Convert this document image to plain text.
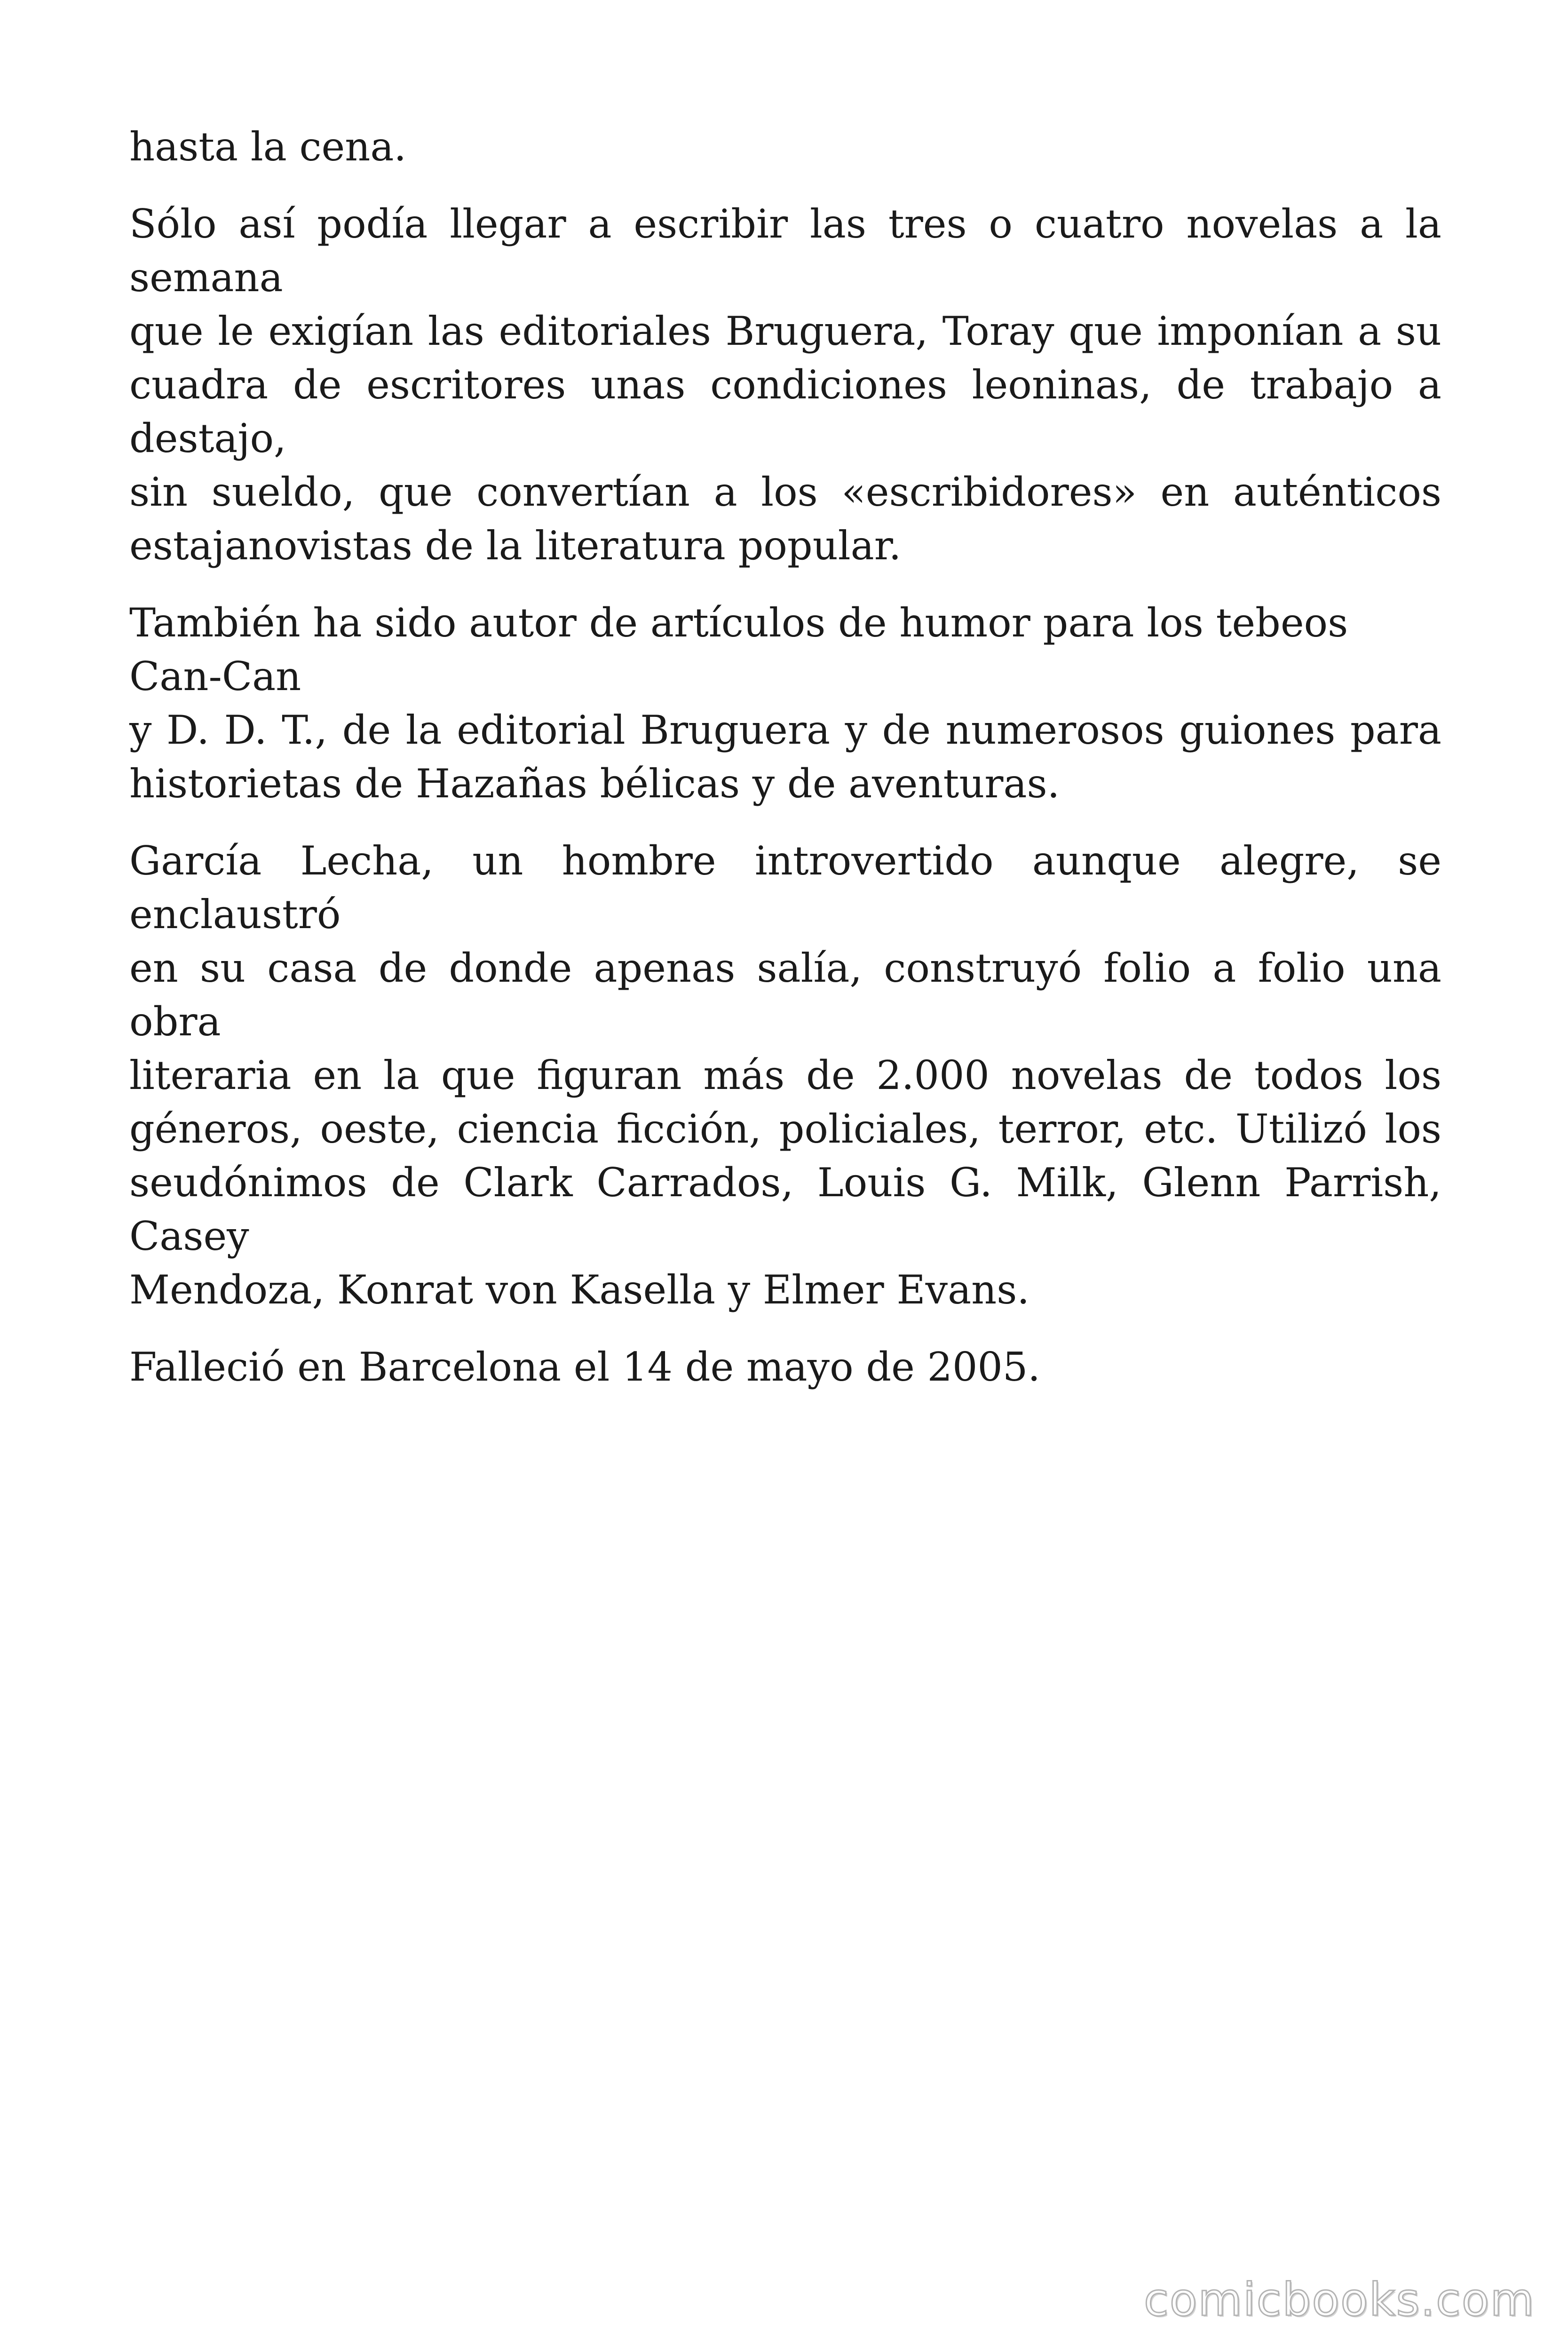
hasta la cena.

Sólo así podía llegar a escribir las tres o cuatro novelas a la semana
que le exigían las editoriales Bruguera, Toray que imponían a su
cuadra de escritores unas condiciones leoninas, de trabajo a destajo,
sin sueldo, que convertían a los «escribidores» en auténticos
estajanovistas de la literatura popular.

También ha sido autor de artículos de humor para los tebeos
Can-Can
y D. D. T., de la editorial Bruguera y de numerosos guiones para
historietas de Hazañas bélicas y de aventuras.

García Lecha, un hombre introvertido aunque alegre, se enclaustró
en su casa de donde apenas salía, construyó folio a folio una obra
literaria en la que figuran más de 2.000 novelas de todos los
géneros, oeste, ciencia ficción, policiales, terror, etc. Utilizó los
seudónimos de Clark Carrados, Louis G. Milk, Glenn Parrish, Casey
Mendoza, Konrat von Kasella y Elmer Evans.

Falleció en Barcelona el 14 de mayo de 2005.

comicbooks.com
